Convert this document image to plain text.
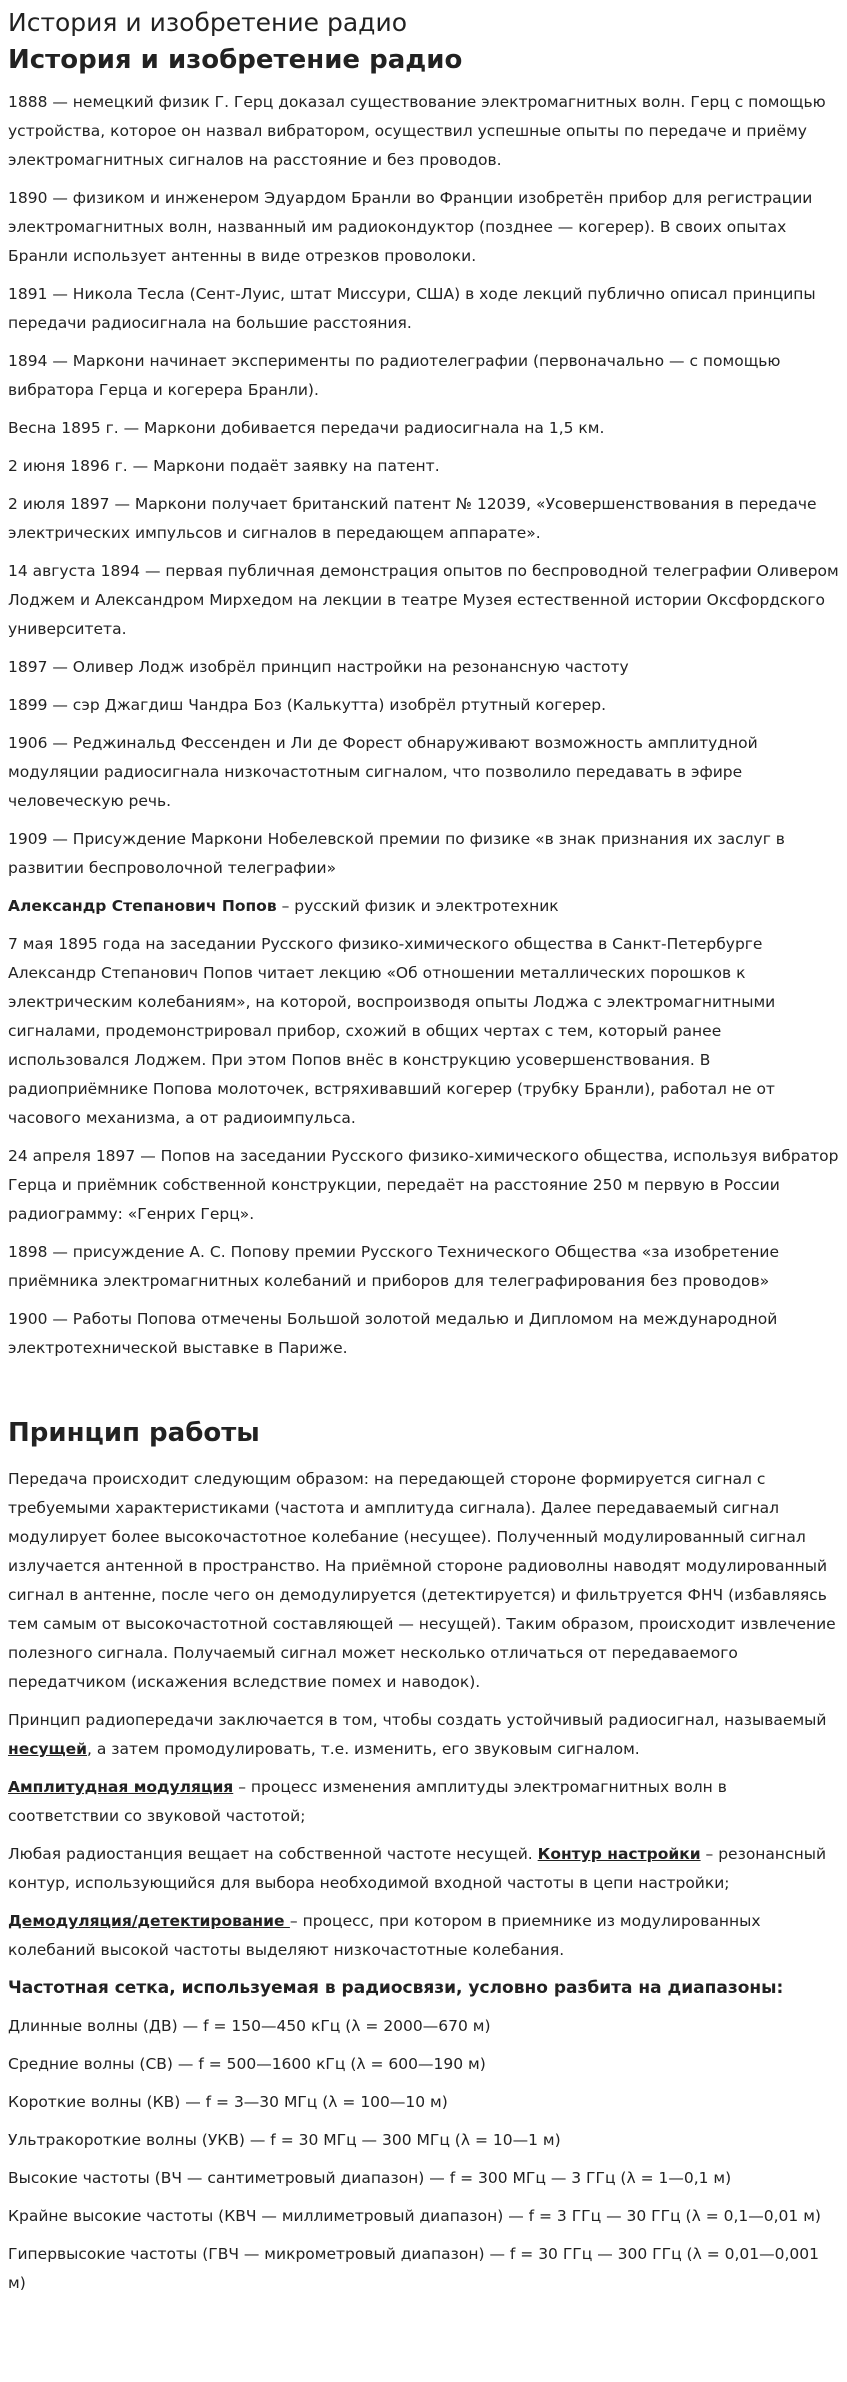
История и изобретение радио
История и изобретение радио

1888 — немецкий физик Г. Герц доказал существование электромагнитных волн. Герц с помощью устройства, которое он назвал вибратором, осуществил успешные опыты по передаче и приёму электромагнитных сигналов на расстояние и без проводов.

1890 — физиком и инженером Эдуардом Бранли во Франции изобретён прибор для регистрации электромагнитных волн, названный им радиокондуктор (позднее — когерер). В своих опытах Бранли использует антенны в виде отрезков проволоки.

1891 — Никола Тесла (Сент-Луис, штат Миссури, США) в ходе лекций публично описал принципы передачи радиосигнала на большие расстояния.

1894 — Маркони начинает эксперименты по радиотелеграфии (первоначально — с помощью вибратора Герца и когерера Бранли).

Весна 1895 г. — Маркони добивается передачи радиосигнала на 1,5 км.

2 июня 1896 г. — Маркони подаёт заявку на патент.

2 июля 1897 — Маркони получает британский патент № 12039, «Усовершенствования в передаче электрических импульсов и сигналов в передающем аппарате».

14 августа 1894 — первая публичная демонстрация опытов по беспроводной телеграфии Оливером Лоджем и Александром Мирхедом на лекции в театре Музея естественной истории Оксфордского университета.

1897 — Оливер Лодж изобрёл принцип настройки на резонансную частоту

1899 — сэр Джагдиш Чандра Боз (Калькутта) изобрёл ртутный когерер.

1906 — Реджинальд Фессенден и Ли де Форест обнаруживают возможность амплитудной модуляции радиосигнала низкочастотным сигналом, что позволило передавать в эфире человеческую речь.

1909 — Присуждение Маркони Нобелевской премии по физике «в знак признания их заслуг в развитии беспроволочной телеграфии»

Александр Степанович Попов – русский физик и электротехник

7 мая 1895 года на заседании Русского физико-химического общества в Санкт-Петербурге Александр Степанович Попов читает лекцию «Об отношении металлических порошков к электрическим колебаниям», на которой, воспроизводя опыты Лоджа с электромагнитными сигналами, продемонстрировал прибор, схожий в общих чертах с тем, который ранее использовался Лоджем. При этом Попов внёс в конструкцию усовершенствования. В радиоприёмнике Попова молоточек, встряхивавший когерер (трубку Бранли), работал не от часового механизма, а от радиоимпульса.

24 апреля 1897 — Попов на заседании Русского физико-химического общества, используя вибратор Герца и приёмник собственной конструкции, передаёт на расстояние 250 м первую в России радиограмму: «Генрих Герц».

1898 — присуждение А. С. Попову премии Русского Технического Общества «за изобретение приёмника электромагнитных колебаний и приборов для телеграфирования без проводов»

1900 — Работы Попова отмечены Большой золотой медалью и Дипломом на международной электротехнической выставке в Париже.

Принцип работы

Передача происходит следующим образом: на передающей стороне формируется сигнал с требуемыми характеристиками (частота и амплитуда сигнала). Далее передаваемый сигнал модулирует более высокочастотное колебание (несущее). Полученный модулированный сигнал излучается антенной в пространство. На приёмной стороне радиоволны наводят модулированный сигнал в антенне, после чего он демодулируется (детектируется) и фильтруется ФНЧ (избавляясь тем самым от высокочастотной составляющей — несущей). Таким образом, происходит извлечение полезного сигнала. Получаемый сигнал может несколько отличаться от передаваемого передатчиком (искажения вследствие помех и наводок).

Принцип радиопередачи заключается в том, чтобы создать устойчивый радиосигнал, называемый несущей, а затем промодулировать, т.е. изменить, его звуковым сигналом.

Амплитудная модуляция – процесс изменения амплитуды электромагнитных волн в соответствии со звуковой частотой;

Любая радиостанция вещает на собственной частоте несущей. Контур настройки – резонансный контур, использующийся для выбора необходимой входной частоты в цепи настройки;

Демодуляция/детектирование – процесс, при котором в приемнике из модулированных колебаний высокой частоты выделяют низкочастотные колебания.

Частотная сетка, используемая в радиосвязи, условно разбита на диапазоны:

Длинные волны (ДВ) — f = 150—450 кГц (λ = 2000—670 м)

Средние волны (СВ) — f = 500—1600 кГц (λ = 600—190 м)

Короткие волны (КВ) — f = 3—30 МГц (λ = 100—10 м)

Ультракороткие волны (УКВ) — f = 30 МГц — 300 МГц (λ = 10—1 м)

Высокие частоты (ВЧ — сантиметровый диапазон) — f = 300 МГц — 3 ГГц (λ = 1—0,1 м)

Крайне высокие частоты (КВЧ — миллиметровый диапазон) — f = 3 ГГц — 30 ГГц (λ = 0,1—0,01 м)

Гипервысокие частоты (ГВЧ — микрометровый диапазон) — f = 30 ГГц — 300 ГГц (λ = 0,01—0,001 м)
